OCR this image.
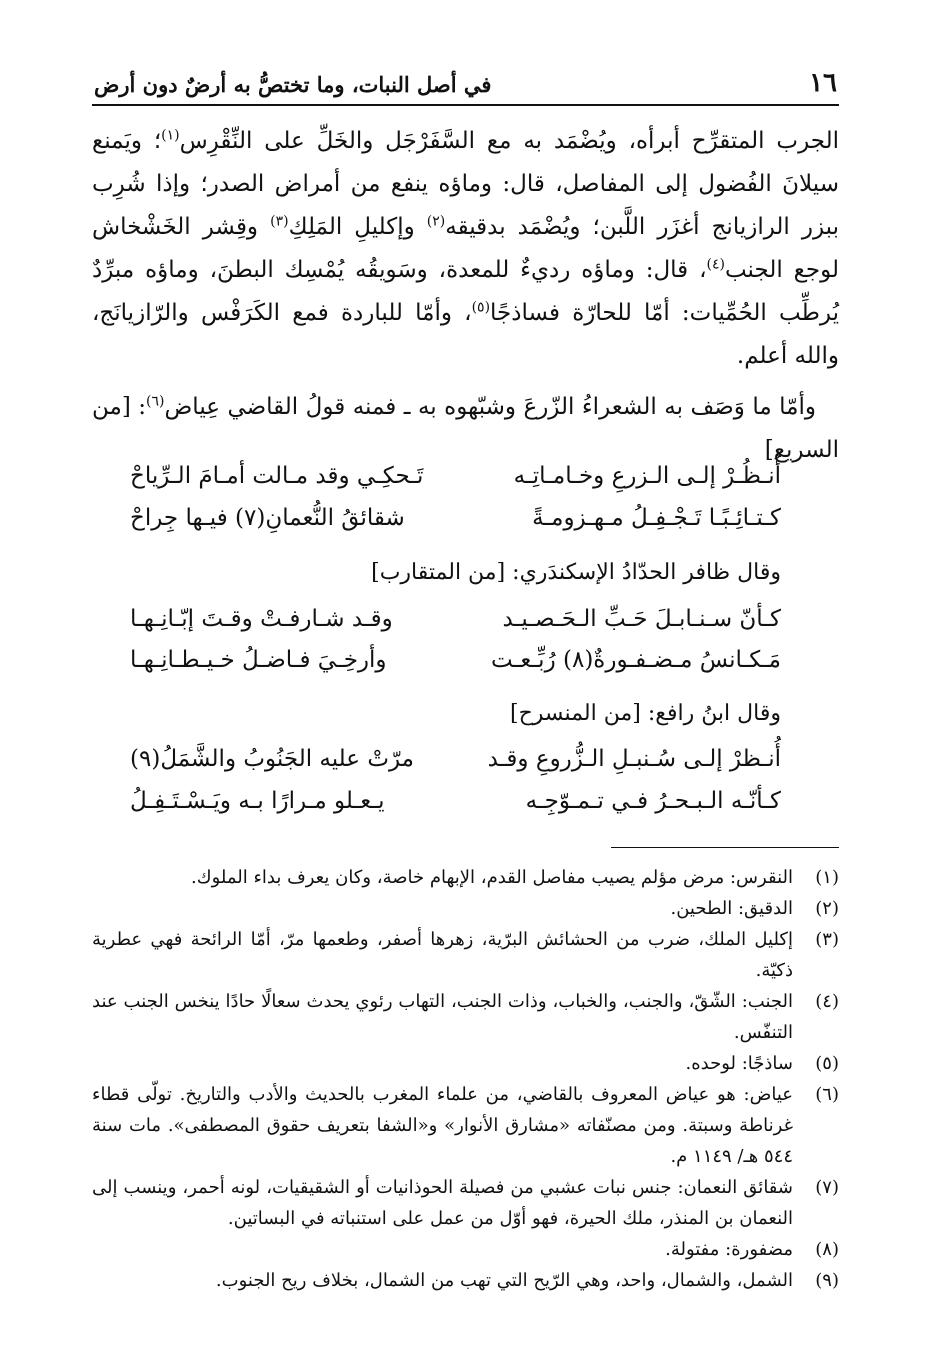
١٦
في أصل النبات، وما تختصُّ به أرضٌ دون أرض

الجرب المتقرِّح أبرأه، ويُضْمَد به مع السَّفَرْجَل والخَلِّ على النِّقْرِس$^{(١)}$؛ ويَمنع سيلانَ الفُضول إلى المفاصل، قال: وماؤه ينفع من أمراض الصدر؛ وإذا شُرِب ببزر الرازيانج أغزَر اللَّبن؛ ويُضْمَد بدقيقه$^{(٢)}$ وإكليلِ المَلِكِ$^{(٣)}$ وقِشر الخَشْخاش لوجع الجنب$^{(٤)}$، قال: وماؤه رديءٌ للمعدة، وسَويقُه يُمْسِك البطنَ، وماؤه مبرِّدٌ يُرطِّب الحُمِّيات: أمّا للحارّة فساذجًا$^{(٥)}$، وأمّا للباردة فمع الكَرَفْس والرّازيانَج، والله أعلم.

 وأمّا ما وَصَف به الشعراءُ الزّرعَ وشبّهوه به ـ فمنه قولُ القاضي عِياض$^{(٦)}$: [من السريع]

أُنـظُـرْ إلـى الـزرعِ وخـامـاتِـه
تَـحكِـي وقد مـالت أمـامَ الـرِّياحْ
كـتـائِـبًـا تَـجْـفِـلُ مـهـزومـةً
شقائقُ النُّعمانِ(٧) فيـها جِراحْ
وقال ظافر الحدّادُ الإسكندَري: [من المتقارب]
كـأنّ سـنـابـلَ حَـبِّ الـحَـصـيـد
وقـد شـارفـتْ وقـتَ إبّـانِـهـا
مَـكـانسُ مـضـفـورةٌ(٨) رُبِّـعـت
وأرخِـيَ فـاضـلُ خـيـطـانِـهـا
وقال ابنُ رافع: [من المنسرح]
أُنـظرْ إلـى سُـنبـلِ الـزُّروعِ وقـد
مرّتْ عليه الجَنُوبُ والشَّمَلُ(٩)
كـأنّـه الـبـحـرُ فـي تـمـوّجِـه
يـعـلو مـرارًا بـه ويَـسْـتَـفِـلُ
(١)
النقرس: مرض مؤلم يصيب مفاصل القدم، الإبهام خاصة، وكان يعرف بداء الملوك.
(٢)
الدقيق: الطحين.
(٣)
إكليل الملك، ضرب من الحشائش البرّية، زهرها أصفر، وطعمها مرّ، أمّا الرائحة فهي عطرية ذكيّة.
(٤)
الجنب: الشّقّ، والجنب، والخباب، وذات الجنب، التهاب رئوي يحدث سعالًا حادًا ينخس الجنب عند التنفّس.
(٥)
ساذجًا: لوحده.
(٦)
عياض: هو عياض المعروف بالقاضي، من علماء المغرب بالحديث والأدب والتاريخ. تولّى قطاء غرناطة وسبتة. ومن مصنّفاته «مشارق الأنوار» و«الشفا بتعريف حقوق المصطفى». مات سنة ٥٤٤ هـ/ ١١٤٩ م.
(٧)
شقائق النعمان: جنس نبات عشبي من فصيلة الحوذانيات أو الشقيقيات، لونه أحمر، وينسب إلى النعمان بن المنذر، ملك الحيرة، فهو أوّل من عمل على استنباته في البساتين.
(٨)
مضفورة: مفتولة.
(٩)
الشمل، والشمال، واحد، وهي الرّيح التي تهب من الشمال، بخلاف ريح الجنوب.
